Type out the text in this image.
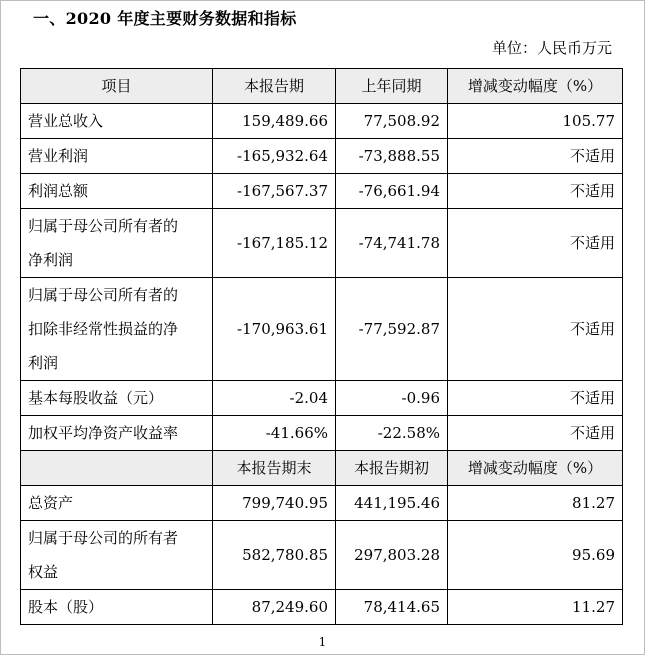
一、2020 年度主要财务数据和指标
单位：人民币万元
项目	本报告期	上年同期	增减变动幅度（%）
营业总收入	159,489.66	77,508.92	105.77
营业利润	-165,932.64	-73,888.55	不适用
利润总额	-167,567.37	-76,661.94	不适用

归属于母公司所有者的
净利润	-167,185.12	-74,741.78	不适用

归属于母公司所有者的
扣除非经常性损益的净
利润	-170,963.61	-77,592.87	不适用
基本每股收益（元）	-2.04	-0.96	不适用
加权平均净资产收益率	-41.66%	-22.58%	不适用
	本报告期末	本报告期初	增减变动幅度（%）
总资产	799,740.95	441,195.46	81.27

归属于母公司的所有者
权益	582,780.85	297,803.28	95.69
股本（股）	87,249.60	78,414.65	11.27
1
